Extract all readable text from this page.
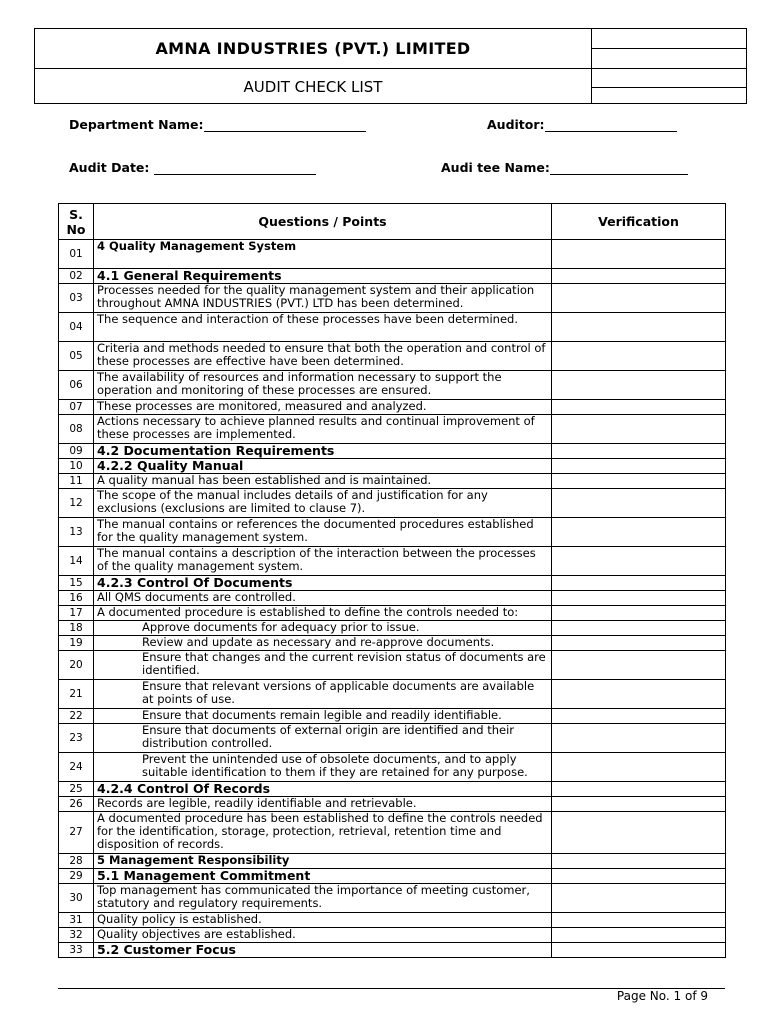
AMNA INDUSTRIES (PVT.) LIMITED
AUDIT CHECK LIST
Department Name:	Auditor:
Audit Date:	Audi tee Name:
S. No	Questions / Points	Verification
01	4 Quality Management System	
02	4.1 General Requirements	
03	Processes needed for the quality management system and their application throughout AMNA INDUSTRIES (PVT.) LTD has been determined.	
04	The sequence and interaction of these processes have been determined.	
05	Criteria and methods needed to ensure that both the operation and control of these processes are effective have been determined.	
06	The availability of resources and information necessary to support the operation and monitoring of these processes are ensured.	
07	These processes are monitored, measured and analyzed.	
08	Actions necessary to achieve planned results and continual improvement of these processes are implemented.	
09	4.2 Documentation Requirements	
10	4.2.2 Quality Manual	
11	A quality manual has been established and is maintained.	
12	The scope of the manual includes details of and justification for any exclusions (exclusions are limited to clause 7).	
13	The manual contains or references the documented procedures established for the quality management system.	
14	The manual contains a description of the interaction between the processes of the quality management system.	
15	4.2.3 Control Of Documents	
16	All QMS documents are controlled.	
17	A documented procedure is established to define the controls needed to:	
18	Approve documents for adequacy prior to issue.	
19	Review and update as necessary and re-approve documents.	
20	Ensure that changes and the current revision status of documents are identified.	
21	Ensure that relevant versions of applicable documents are available at points of use.	
22	Ensure that documents remain legible and readily identifiable.	
23	Ensure that documents of external origin are identified and their distribution controlled.	
24	Prevent the unintended use of obsolete documents, and to apply suitable identification to them if they are retained for any purpose.	
25	4.2.4 Control Of Records	
26	Records are legible, readily identifiable and retrievable.	
27	A documented procedure has been established to define the controls needed for the identification, storage, protection, retrieval, retention time and disposition of records.	
28	5 Management Responsibility	
29	5.1 Management Commitment	
30	Top management has communicated the importance of meeting customer, statutory and regulatory requirements.	
31	Quality policy is established.	
32	Quality objectives are established.	
33	5.2 Customer Focus	
Page No. 1 of 9
